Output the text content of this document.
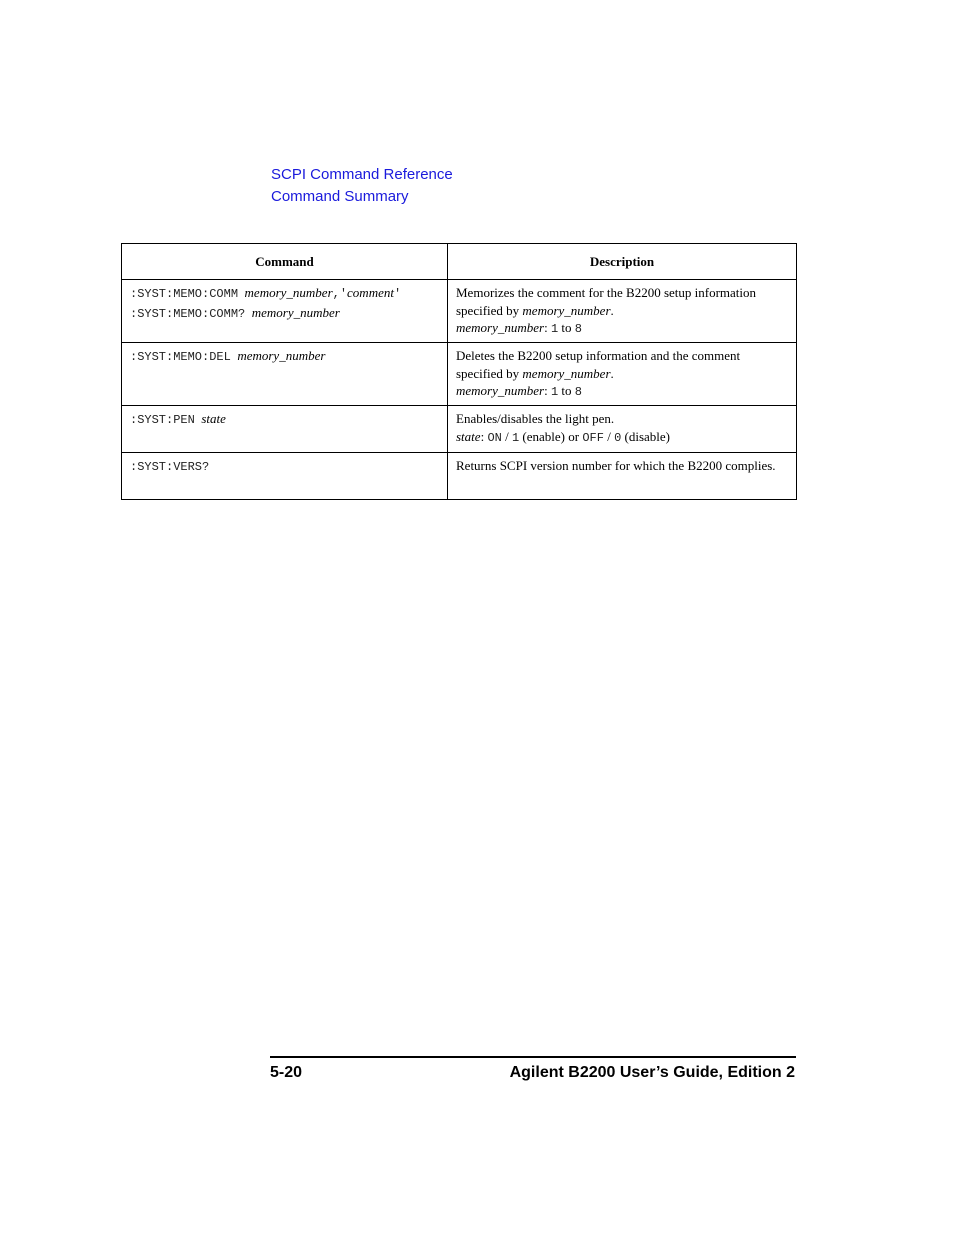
SCPI Command Reference
Command Summary
Command	Description

:SYST:MEMO:COMM memory_number,'comment'
:SYST:MEMO:COMM? memory_number	Memorizes the comment for the B2200 setup information specified by memory_number.
memory_number: 1 to 8

:SYST:MEMO:DEL memory_number	Deletes the B2200 setup information and the comment specified by memory_number.
memory_number: 1 to 8

:SYST:PEN state	Enables/disables the light pen.
state: ON / 1 (enable) or OFF / 0 (disable)

:SYST:VERS?	Returns SCPI version number for which the B2200 complies.
5-20	Agilent B2200 User’s Guide, Edition 2
